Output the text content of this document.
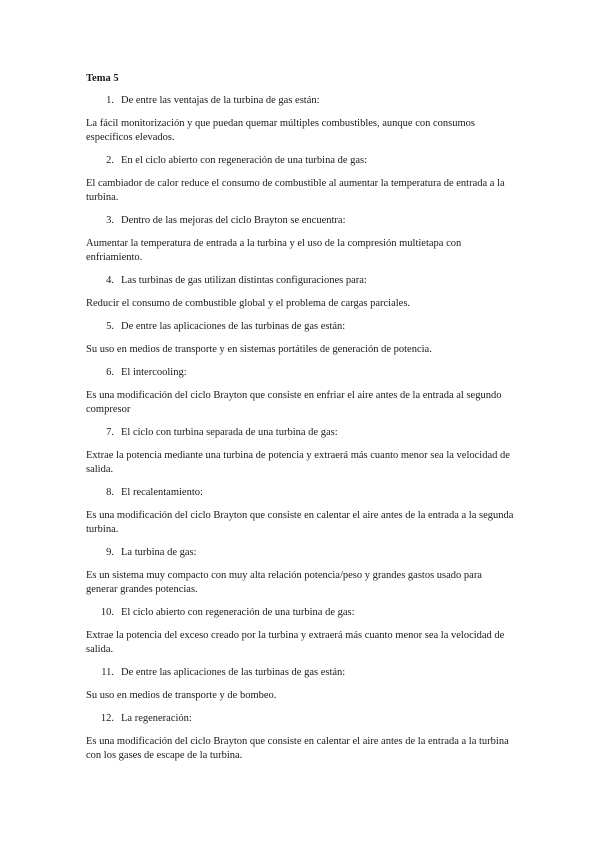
Tema 5

1. De entre las ventajas de la turbina de gas están:

La fácil monitorización y que puedan quemar múltiples combustibles, aunque con consumos específicos elevados.

2. En el ciclo abierto con regeneración de una turbina de gas:

El cambiador de calor reduce el consumo de combustible al aumentar la temperatura de entrada a la turbina.

3. Dentro de las mejoras del ciclo Brayton se encuentra:

Aumentar la temperatura de entrada a la turbina y el uso de la compresión multietapa con enfriamiento.

4. Las turbinas de gas utilizan distintas configuraciones para:

Reducir el consumo de combustible global y el problema de cargas parciales.

5. De entre las aplicaciones de las turbinas de gas están:

Su uso en medios de transporte y en sistemas portátiles de generación de potencia.

6. El intercooling:

Es una modificación del ciclo Brayton que consiste en enfriar el aire antes de la entrada al segundo compresor

7. El ciclo con turbina separada de una turbina de gas:

Extrae la potencia mediante una turbina de potencia y extraerá más cuanto menor sea la velocidad de salida.

8. El recalentamiento:

Es una modificación del ciclo Brayton que consiste en calentar el aire antes de la entrada a la segunda turbina.

9. La turbina de gas:

Es un sistema muy compacto con muy alta relación potencia/peso y grandes gastos usado para generar grandes potencias.

10. El ciclo abierto con regeneración de una turbina de gas:

Extrae la potencia del exceso creado por la turbina y extraerá más cuanto menor sea la velocidad de salida.

11. De entre las aplicaciones de las turbinas de gas están:

Su uso en medios de transporte y de bombeo.

12. La regeneración:

Es una modificación del ciclo Brayton que consiste en calentar el aire antes de la entrada a la turbina con los gases de escape de la turbina.
